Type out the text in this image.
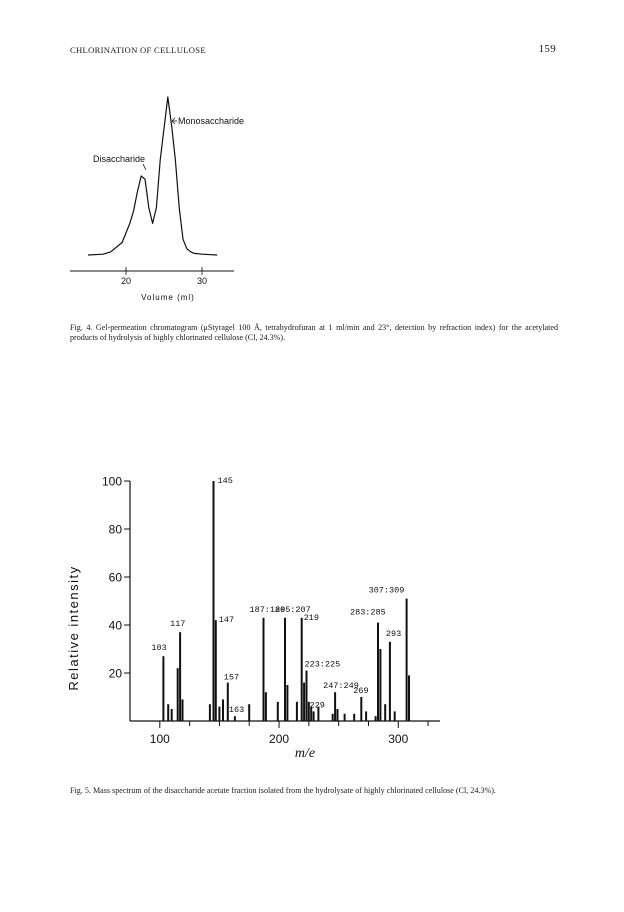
CHLORINATION OF CELLULOSE	159
20	30
Volume (ml)
Monosaccharide
Disaccharide
Fig. 4. Gel-permeation chromatogram (μStyragel 100 Å, tetrahydrofuran at 1 ml/min and 23°, detection by refraction index) for the acetylated products of hydrolysis of highly chlorinated cellulose (Cl, 24.3%).
20
40
60
80
100
100	200	300
103
117
145
147
157
163
187:189
205:207
219
223:225
229
247:249
269
283:285
293
307:309
Relative intensity
m/e
Fig. 5. Mass spectrum of the disaccharide acetate fraction isolated from the hydrolysate of highly chlorinated cellulose (Cl, 24.3%).
